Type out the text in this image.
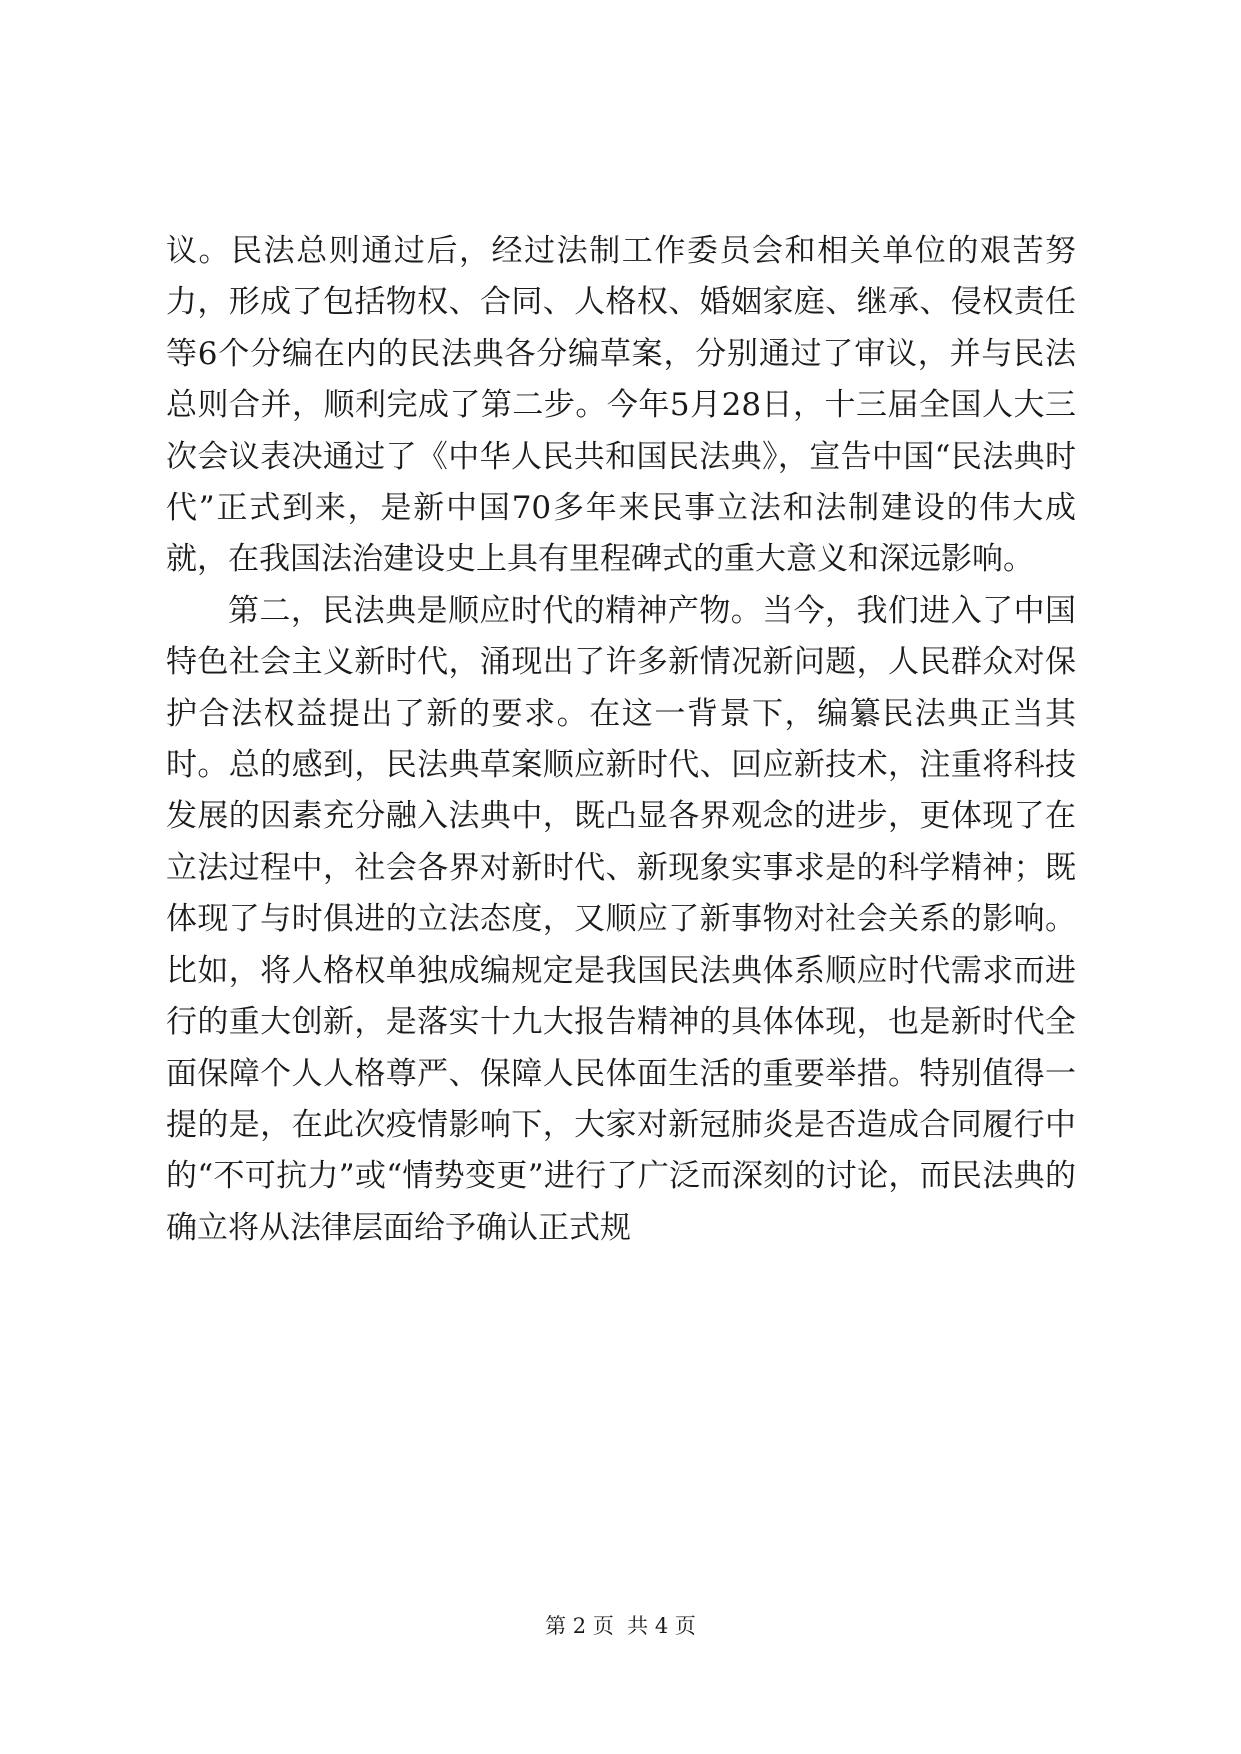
议。民法总则通过后，经过法制工作委员会和相关单位的艰苦努力，形成了包括物权、合同、人格权、婚姻家庭、继承、侵权责任等6个分编在内的民法典各分编草案，分别通过了审议，并与民法总则合并，顺利完成了第二步。今年5月28日，十三届全国人大三次会议表决通过了《中华人民共和国民法典》，宣告中国“民法典时代”正式到来，是新中国70多年来民事立法和法制建设的伟大成就，在我国法治建设史上具有里程碑式的重大意义和深远影响。

第二，民法典是顺应时代的精神产物。当今，我们进入了中国特色社会主义新时代，涌现出了许多新情况新问题，人民群众对保护合法权益提出了新的要求。在这一背景下，编纂民法典正当其时。总的感到，民法典草案顺应新时代、回应新技术，注重将科技发展的因素充分融入法典中，既凸显各界观念的进步，更体现了在立法过程中，社会各界对新时代、新现象实事求是的科学精神；既体现了与时俱进的立法态度，又顺应了新事物对社会关系的影响。比如，将人格权单独成编规定是我国民法典体系顺应时代需求而进行的重大创新，是落实十九大报告精神的具体体现，也是新时代全面保障个人人格尊严、保障人民体面生活的重要举措。特别值得一提的是，在此次疫情影响下，大家对新冠肺炎是否造成合同履行中的“不可抗力”或“情势变更”进行了广泛而深刻的讨论，而民法典的确立将从法律层面给予确认正式规

第 2 页  共 4 页
